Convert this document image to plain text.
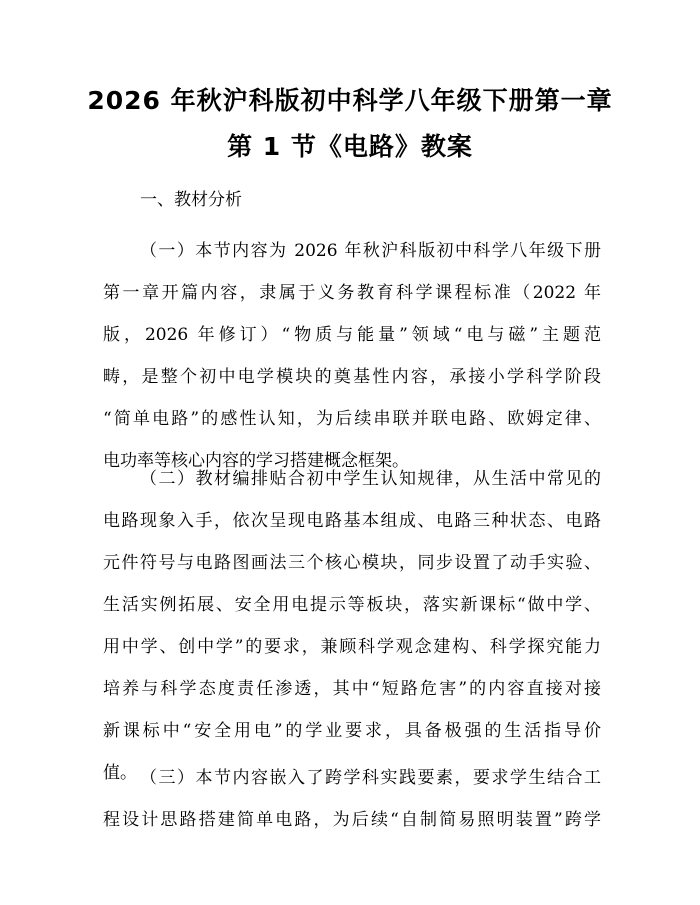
2026 年秋沪科版初中科学八年级下册第一章
第 1 节《电路》教案
一、教材分析
（一）本节内容为 2026 年秋沪科版初中科学八年级下册
第一章开篇内容，隶属于义务教育科学课程标准（2022 年
版，2026 年修订）“物质与能量”领域“电与磁”主题范
畴，是整个初中电学模块的奠基性内容，承接小学科学阶段
“简单电路”的感性认知，为后续串联并联电路、欧姆定律、
电功率等核心内容的学习搭建概念框架。
（二）教材编排贴合初中学生认知规律，从生活中常见的
电路现象入手，依次呈现电路基本组成、电路三种状态、电路
元件符号与电路图画法三个核心模块，同步设置了动手实验、
生活实例拓展、安全用电提示等板块，落实新课标“做中学、
用中学、创中学”的要求，兼顾科学观念建构、科学探究能力
培养与科学态度责任渗透，其中“短路危害”的内容直接对接
新课标中“安全用电”的学业要求，具备极强的生活指导价
值。 （三）本节内容嵌入了跨学科实践要素，要求学生结合工
程设计思路搭建简单电路，为后续“自制简易照明装置”跨学
